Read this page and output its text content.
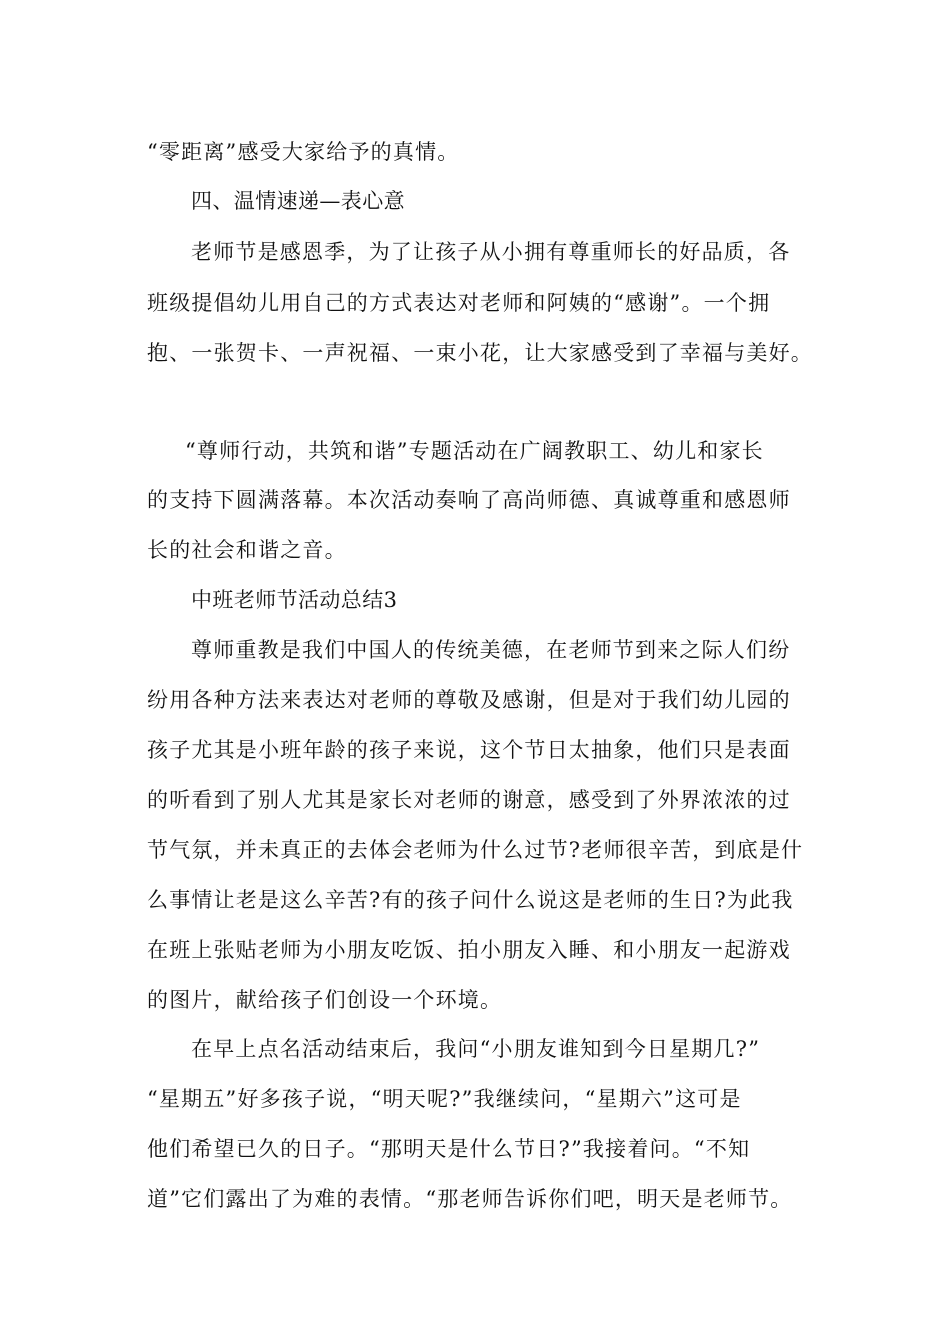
“零距离”感受大家给予的真情。
四、温情速递—表心意
老师节是感恩季，为了让孩子从小拥有尊重师长的好品质，各
班级提倡幼儿用自己的方式表达对老师和阿姨的“感谢”。一个拥
抱、一张贺卡、一声祝福、一束小花，让大家感受到了幸福与美好。
“尊师行动，共筑和谐”专题活动在广阔教职工、幼儿和家长
的支持下圆满落幕。本次活动奏响了高尚师德、真诚尊重和感恩师
长的社会和谐之音。
中班老师节活动总结3
尊师重教是我们中国人的传统美德，在老师节到来之际人们纷
纷用各种方法来表达对老师的尊敬及感谢，但是对于我们幼儿园的
孩子尤其是小班年龄的孩子来说，这个节日太抽象，他们只是表面
的听看到了别人尤其是家长对老师的谢意，感受到了外界浓浓的过
节气氛，并未真正的去体会老师为什么过节?老师很辛苦，到底是什
么事情让老是这么辛苦?有的孩子问什么说这是老师的生日?为此我
在班上张贴老师为小朋友吃饭、拍小朋友入睡、和小朋友一起游戏
的图片，献给孩子们创设一个环境。
在早上点名活动结束后，我问“小朋友谁知到今日星期几?”
“星期五”好多孩子说，“明天呢?”我继续问，“星期六”这可是
他们希望已久的日子。“那明天是什么节日?”我接着问。“不知
道”它们露出了为难的表情。“那老师告诉你们吧，明天是老师节。
